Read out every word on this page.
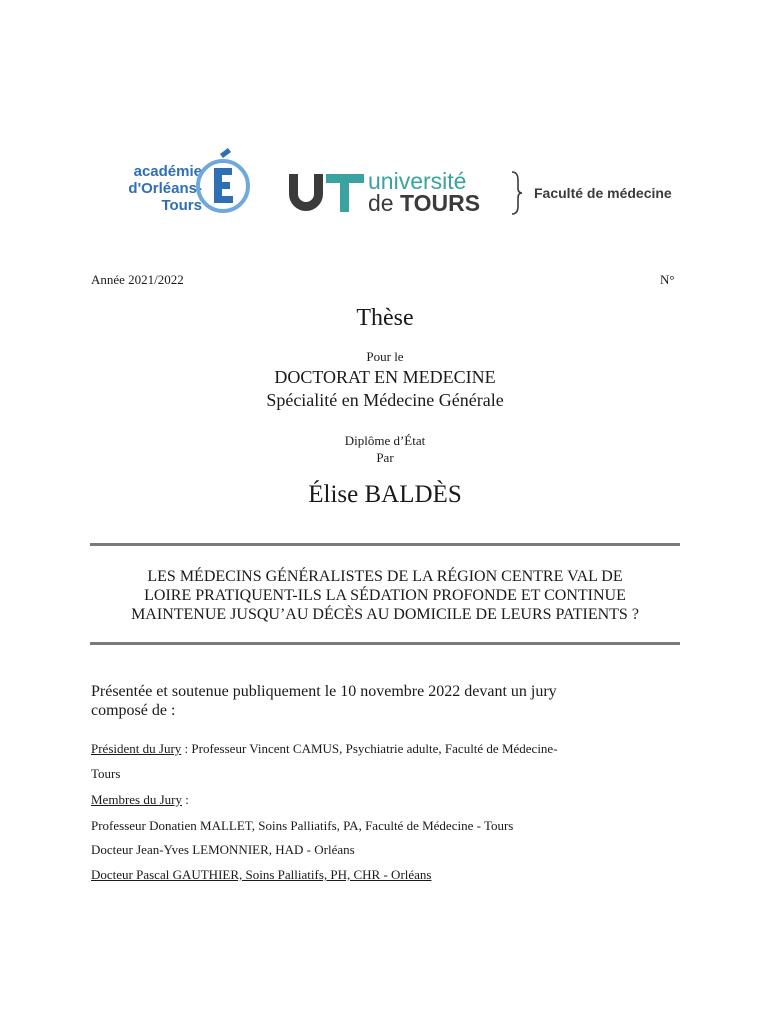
académie
d'Orléans-Tours
université
de TOURS	Faculté de médecine
Année 2021/2022	N°
Thèse
Pour le
DOCTORAT EN MEDECINE
Spécialité en Médecine Générale
Diplôme d’État
Par
Élise BALDÈS
LES MÉDECINS GÉNÉRALISTES DE LA RÉGION CENTRE VAL DE
LOIRE PRATIQUENT-ILS LA SÉDATION PROFONDE ET CONTINUE
MAINTENUE JUSQU’AU DÉCÈS AU DOMICILE DE LEURS PATIENTS ?
Présentée et soutenue publiquement le 10 novembre 2022 devant un jury
composé de :
Président du Jury : Professeur Vincent CAMUS, Psychiatrie adulte, Faculté de Médecine-
Tours
Membres du Jury :
Professeur Donatien MALLET, Soins Palliatifs, PA, Faculté de Médecine - Tours
Docteur Jean-Yves LEMONNIER, HAD - Orléans
Docteur Pascal GAUTHIER, Soins Palliatifs, PH, CHR - Orléans
